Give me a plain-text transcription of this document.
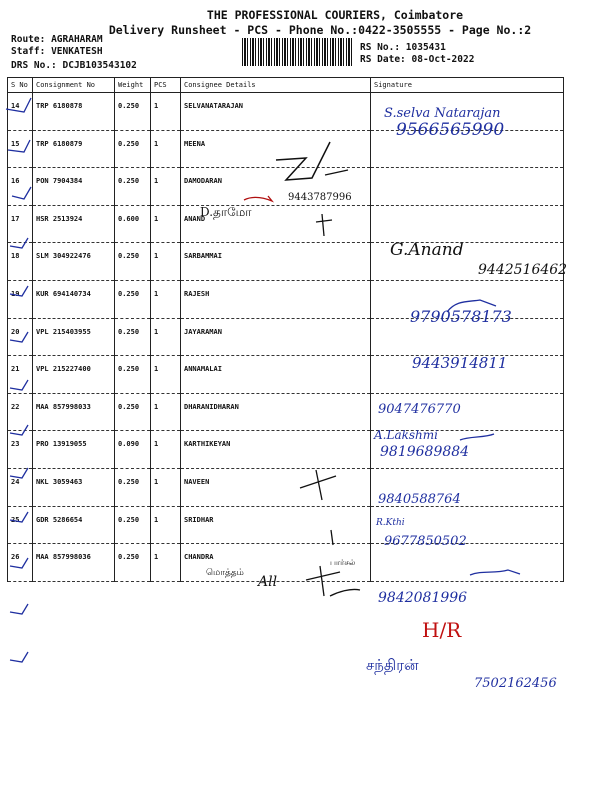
THE PROFESSIONAL COURIERS, Coimbatore
Delivery Runsheet - PCS - Phone No.:0422-3505555 - Page No.:2
Route: AGRAHARAM
Staff: VENKATESH
DRS No.: DCJB103543102
RS No.: 1035431
RS Date: 08-Oct-2022
S No	Consignment No	Weight	PCS	Consignee Details	Signature
14	TRP 6180878	0.250	1	SELVANATARAJAN	
15	TRP 6180879	0.250	1	MEENA	
16	PON 7904384	0.250	1	DAMODARAN	
17	HSR 2513924	0.600	1	ANAND	
18	SLM 304922476	0.250	1	SARBAMMAI	
19	KUR 694140734	0.250	1	RAJESH	
20	VPL 215403955	0.250	1	JAYARAMAN	
21	VPL 215227400	0.250	1	ANNAMALAI	
22	MAA 857998033	0.250	1	DHARANIDHARAN	
23	PRO 13919055	0.090	1	KARTHIKEYAN	
24	NKL 3059463	0.250	1	NAVEEN	
25	GDR 5286654	0.250	1	SRIDHAR	
26	MAA 857998036	0.250	1	CHANDRA	
S.selva Natarajan
9566565990
D.தாமோ
9443787996
G.Anand
9442516462
9790578173
9443914811
9047476770
A.Lakshmi
9819689884
9840588764
R.Kthi
9677850502
மொத்தம்
All
பார்சல்
9842081996
H/R
சந்திரன்
7502162456
